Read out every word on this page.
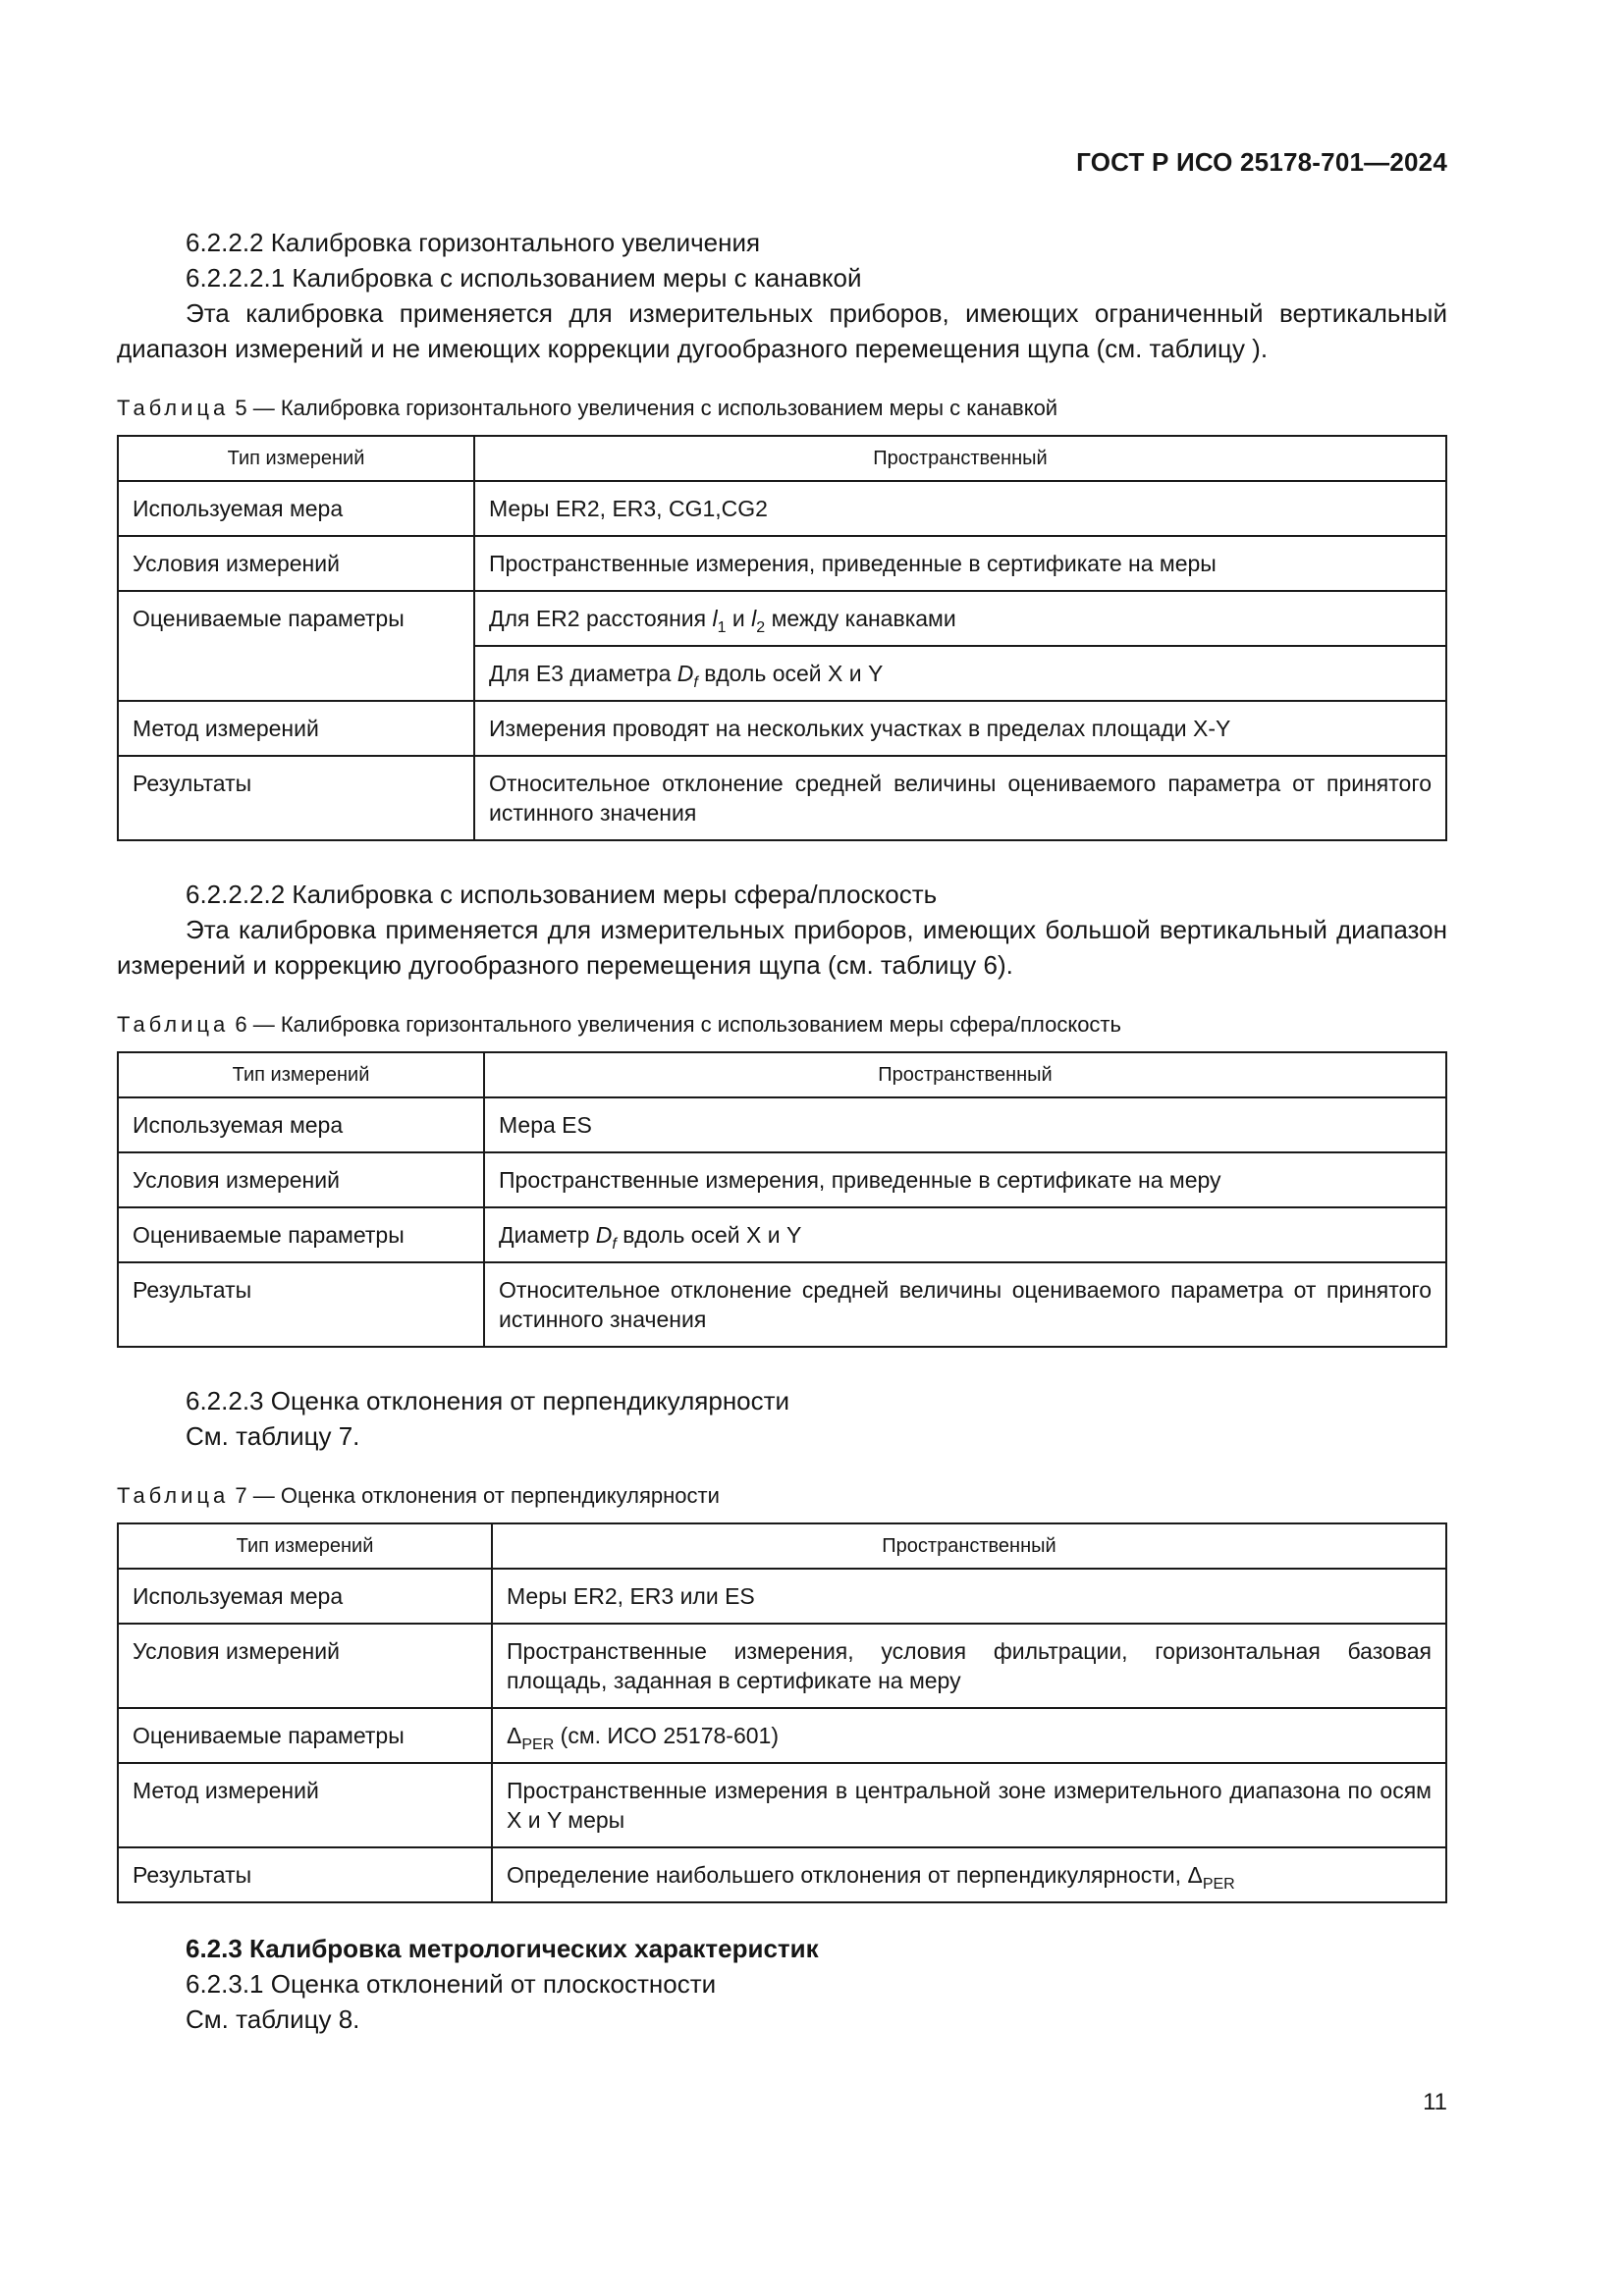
ГОСТ Р ИСО 25178-701—2024

6.2.2.2 Калибровка горизонтального увеличения

6.2.2.2.1 Калибровка с использованием меры с канавкой

Эта калибровка применяется для измерительных приборов, имеющих ограниченный вертикальный диапазон измерений и не имеющих коррекции дугообразного перемещения щупа (см. таблицу ).

Таблица 5 — Калибровка горизонтального увеличения с использованием меры с канавкой

Тип измерений	Пространственный
Используемая мера	Меры ER2, ER3, CG1,CG2
Условия измерений	Пространственные измерения, приведенные в сертификате на меры
Оцениваемые параметры	Для ER2 расстояния $l_1$ и $l_2$ между канавками
	Для E3 диаметра $D_f$ вдоль осей X и Y
Метод измерений	Измерения проводят на нескольких участках в пределах площади X-Y
Результаты	Относительное отклонение средней величины оцениваемого параметра от принятого истинного значения

6.2.2.2.2 Калибровка с использованием меры сфера/плоскость

Эта калибровка применяется для измерительных приборов, имеющих большой вертикальный диапазон измерений и коррекцию дугообразного перемещения щупа (см. таблицу 6).

Таблица 6 — Калибровка горизонтального увеличения с использованием меры сфера/плоскость

Тип измерений	Пространственный
Используемая мера	Мера ES
Условия измерений	Пространственные измерения, приведенные в сертификате на меру
Оцениваемые параметры	Диаметр $D_f$ вдоль осей X и Y
Результаты	Относительное отклонение средней величины оцениваемого параметра от принятого истинного значения

6.2.2.3 Оценка отклонения от перпендикулярности

См. таблицу 7.

Таблица 7 — Оценка отклонения от перпендикулярности

Тип измерений	Пространственный
Используемая мера	Меры ER2, ER3 или ES
Условия измерений	Пространственные измерения, условия фильтрации, горизонтальная базовая площадь, заданная в сертификате на меру
Оцениваемые параметры	$\Delta_{PER}$ (см. ИСО 25178-601)
Метод измерений	Пространственные измерения в центральной зоне измерительного диапазона по осям X и Y меры
Результаты	Определение наибольшего отклонения от перпендикулярности, $\Delta_{PER}$

6.2.3 Калибровка метрологических характеристик

6.2.3.1 Оценка отклонений от плоскостности

См. таблицу 8.

11
